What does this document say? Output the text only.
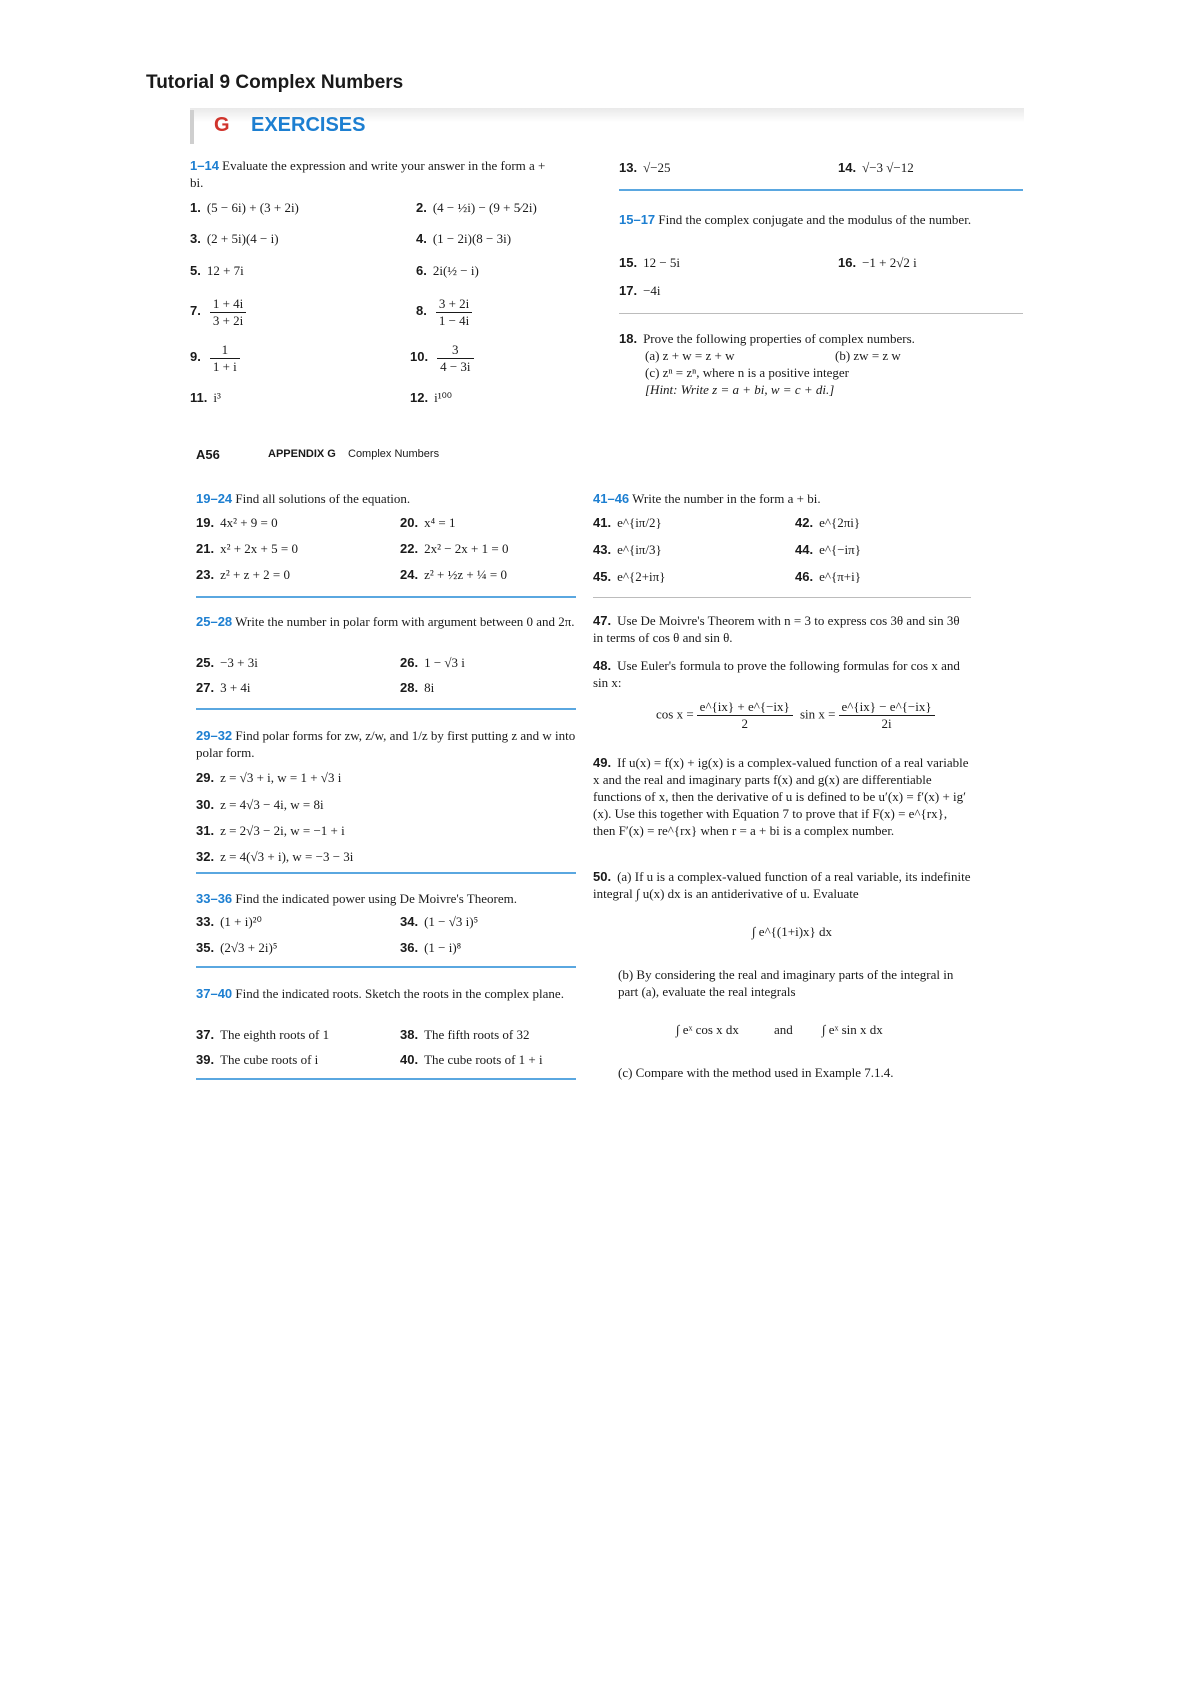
Tutorial 9 Complex Numbers
G EXERCISES
1–14 Evaluate the expression and write your answer in the form a + bi.
1. (5 − 6i) + (3 + 2i)	2. (4 − ½i) − (9 + 5⁄2i)
3. (2 + 5i)(4 − i)	4. (1 − 2i)(8 − 3i)
5. 12 + 7i	6. 2i(½ − i)
7. $\frac{1 + 4i}{3 + 2i}$	8. $\frac{3 + 2i}{1 - 4i}$
9. $\frac{1}{1 + i}$	10. $\frac{3}{4 - 3i}$
11. i³	12. i¹⁰⁰
13. √−25	14. √−3 √−12
15–17 Find the complex conjugate and the modulus of the number.
15. 12 − 5i	16. −1 + 2√2 i
17. −4i
18. Prove the following properties of complex numbers.
(a) z + w = z + w	(b) zw = z w
(c) zⁿ = zⁿ, where n is a positive integer
[Hint: Write z = a + bi, w = c + di.]
A56	APPENDIX G Complex Numbers
19–24 Find all solutions of the equation.
19. 4x² + 9 = 0	20. x⁴ = 1
21. x² + 2x + 5 = 0	22. 2x² − 2x + 1 = 0
23. z² + z + 2 = 0	24. z² + ½z + ¼ = 0
25–28 Write the number in polar form with argument between 0 and 2π.
25. −3 + 3i	26. 1 − √3 i
27. 3 + 4i	28. 8i
29–32 Find polar forms for zw, z/w, and 1/z by first putting z and w into polar form.
29. z = √3 + i, w = 1 + √3 i
30. z = 4√3 − 4i, w = 8i
31. z = 2√3 − 2i, w = −1 + i
32. z = 4(√3 + i), w = −3 − 3i
33–36 Find the indicated power using De Moivre's Theorem.
33. (1 + i)²⁰	34. (1 − √3 i)⁵
35. (2√3 + 2i)⁵	36. (1 − i)⁸
37–40 Find the indicated roots. Sketch the roots in the complex plane.
37. The eighth roots of 1	38. The fifth roots of 32
39. The cube roots of i	40. The cube roots of 1 + i
41–46 Write the number in the form a + bi.
41. e^{iπ/2}	42. e^{2πi}
43. e^{iπ/3}	44. e^{−iπ}
45. e^{2+iπ}	46. e^{π+i}
47. Use De Moivre's Theorem with n = 3 to express cos 3θ and sin 3θ in terms of cos θ and sin θ.
48. Use Euler's formula to prove the following formulas for cos x and sin x:
$\cos x = \frac{e\^{}\{ix\} + e\^{}\{-ix\}}{2}$ $\sin x = \frac{e\^{}\{ix\} - e\^{}\{-ix\}}{2i}$
49. If u(x) = f(x) + ig(x) is a complex-valued function of a real variable x and the real and imaginary parts f(x) and g(x) are differentiable functions of x, then the derivative of u is defined to be u′(x) = f′(x) + ig′(x). Use this together with Equation 7 to prove that if F(x) = e^{rx}, then F′(x) = re^{rx} when r = a + bi is a complex number.
50. (a) If u is a complex-valued function of a real variable, its indefinite integral ∫ u(x) dx is an antiderivative of u. Evaluate
∫ e^{(1+i)x} dx
(b) By considering the real and imaginary parts of the integral in part (a), evaluate the real integrals
∫ eˣ cos x dx	and ∫ eˣ sin x dx
(c) Compare with the method used in Example 7.1.4.
